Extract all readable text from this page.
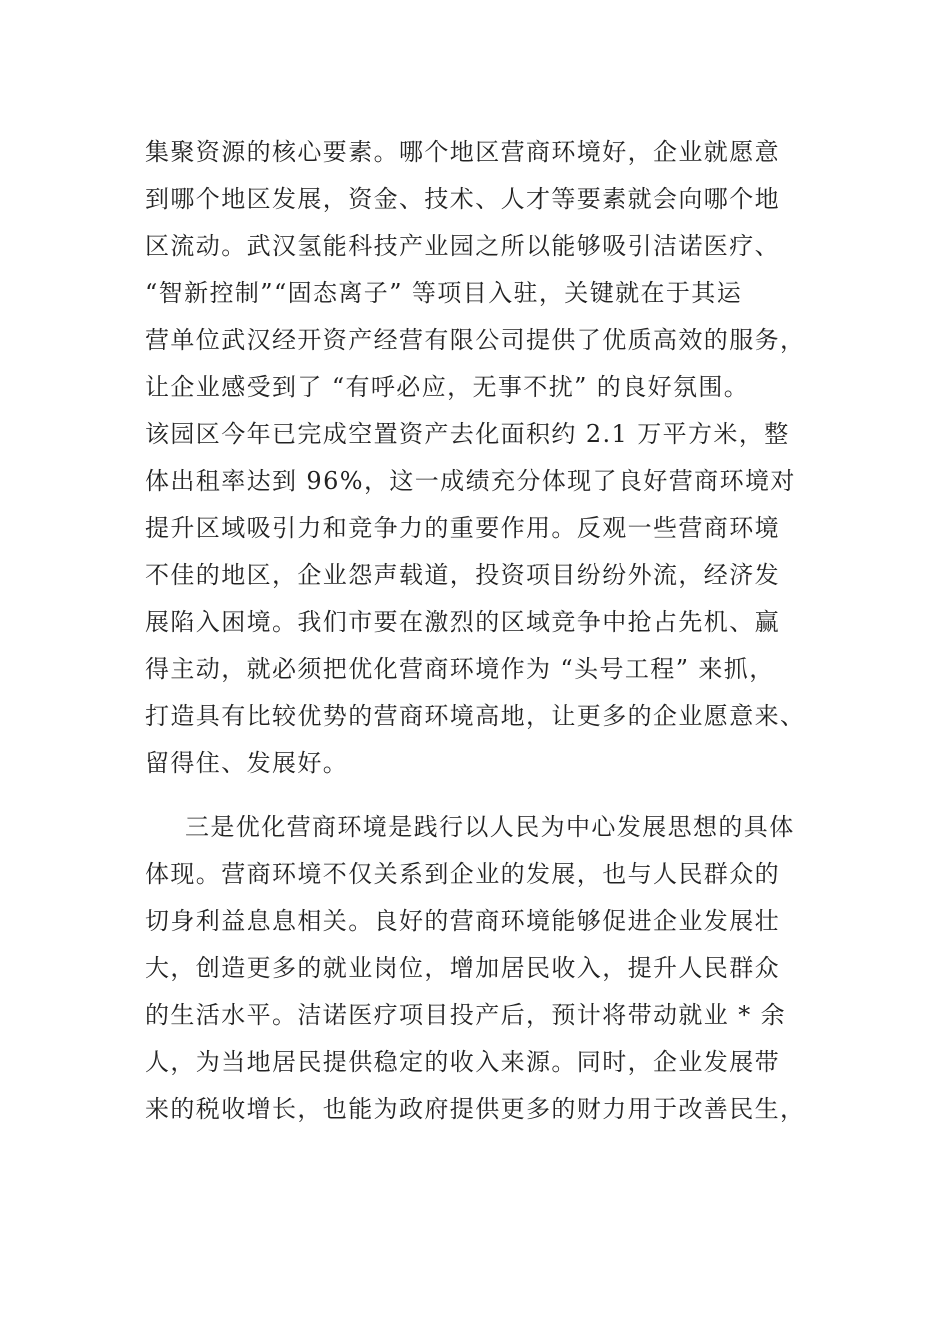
集聚资源的核心要素。哪个地区营商环境好，企业就愿意
到哪个地区发展，资金、技术、人才等要素就会向哪个地
区流动。武汉氢能科技产业园之所以能够吸引洁诺医疗、
“智新控制”“固态离子” 等项目入驻，关键就在于其运
营单位武汉经开资产经营有限公司提供了优质高效的服务，
让企业感受到了 “有呼必应，无事不扰” 的良好氛围。
该园区今年已完成空置资产去化面积约 2.1 万平方米，整
体出租率达到 96%，这一成绩充分体现了良好营商环境对
提升区域吸引力和竞争力的重要作用。反观一些营商环境
不佳的地区，企业怨声载道，投资项目纷纷外流，经济发
展陷入困境。我们市要在激烈的区域竞争中抢占先机、赢
得主动，就必须把优化营商环境作为 “头号工程” 来抓，
打造具有比较优势的营商环境高地，让更多的企业愿意来、
留得住、发展好。
三是优化营商环境是践行以人民为中心发展思想的具体
体现。营商环境不仅关系到企业的发展，也与人民群众的
切身利益息息相关。良好的营商环境能够促进企业发展壮
大，创造更多的就业岗位，增加居民收入，提升人民群众
的生活水平。洁诺医疗项目投产后，预计将带动就业 * 余
人，为当地居民提供稳定的收入来源。同时，企业发展带
来的税收增长，也能为政府提供更多的财力用于改善民生，
